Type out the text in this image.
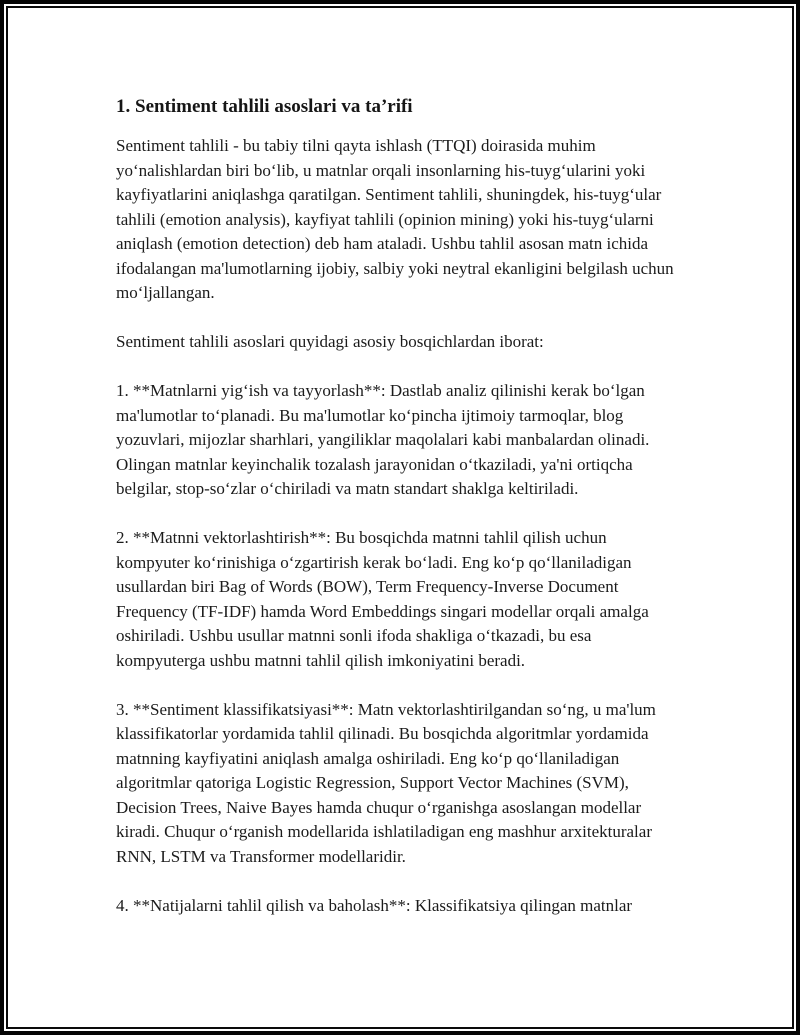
1. Sentiment tahlili asoslari va ta’rifi

Sentiment tahlili - bu tabiy tilni qayta ishlash (TTQI) doirasida muhim yoʻnalishlardan biri boʻlib, u matnlar orqali insonlarning his-tuygʻularini yoki kayfiyatlarini aniqlashga qaratilgan. Sentiment tahlili, shuningdek, his-tuygʻular tahlili (emotion analysis), kayfiyat tahlili (opinion mining) yoki his-tuygʻularni aniqlash (emotion detection) deb ham ataladi. Ushbu tahlil asosan matn ichida ifodalangan ma'lumotlarning ijobiy, salbiy yoki neytral ekanligini belgilash uchun moʻljallangan.

Sentiment tahlili asoslari quyidagi asosiy bosqichlardan iborat:

1. **Matnlarni yigʻish va tayyorlash**: Dastlab analiz qilinishi kerak boʻlgan ma'lumotlar toʻplanadi. Bu ma'lumotlar koʻpincha ijtimoiy tarmoqlar, blog yozuvlari, mijozlar sharhlari, yangiliklar maqolalari kabi manbalardan olinadi. Olingan matnlar keyinchalik tozalash jarayonidan oʻtkaziladi, ya'ni ortiqcha belgilar, stop-soʻzlar oʻchiriladi va matn standart shaklga keltiriladi.

2. **Matnni vektorlashtirish**: Bu bosqichda matnni tahlil qilish uchun kompyuter koʻrinishiga oʻzgartirish kerak boʻladi. Eng koʻp qoʻllaniladigan usullardan biri Bag of Words (BOW), Term Frequency-Inverse Document Frequency (TF-IDF) hamda Word Embeddings singari modellar orqali amalga oshiriladi. Ushbu usullar matnni sonli ifoda shakliga oʻtkazadi, bu esa kompyuterga ushbu matnni tahlil qilish imkoniyatini beradi.

3. **Sentiment klassifikatsiyasi**: Matn vektorlashtirilgandan soʻng, u ma'lum klassifikatorlar yordamida tahlil qilinadi. Bu bosqichda algoritmlar yordamida matnning kayfiyatini aniqlash amalga oshiriladi. Eng koʻp qoʻllaniladigan algoritmlar qatoriga Logistic Regression, Support Vector Machines (SVM), Decision Trees, Naive Bayes hamda chuqur oʻrganishga asoslangan modellar kiradi. Chuqur oʻrganish modellarida ishlatiladigan eng mashhur arxitekturalar RNN, LSTM va Transformer modellaridir.

4. **Natijalarni tahlil qilish va baholash**: Klassifikatsiya qilingan matnlar
